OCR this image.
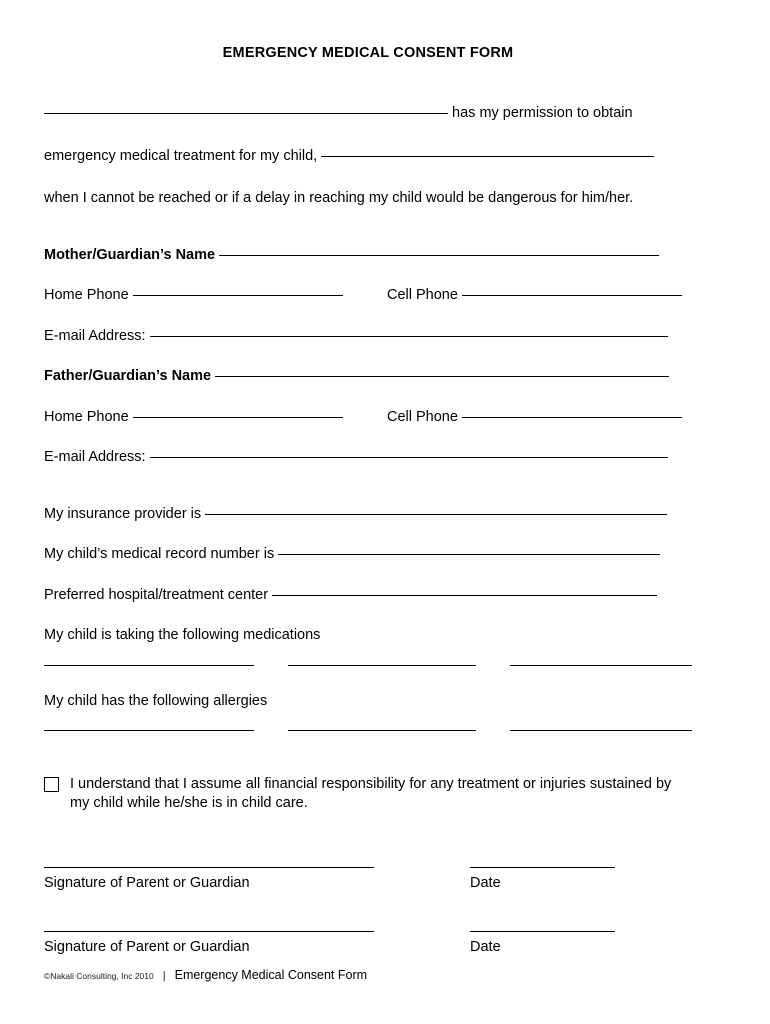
EMERGENCY MEDICAL CONSENT FORM
has my permission to obtain
emergency medical treatment for my child,
when I cannot be reached or if a delay in reaching my child would be dangerous for him/her.
Mother/Guardian’s Name
Home Phone	Cell Phone
E-mail Address:
Father/Guardian’s Name
Home Phone	Cell Phone
E-mail Address:
My insurance provider is
My child’s medical record number is
Preferred hospital/treatment center
My child is taking the following medications
My child has the following allergies
I understand that I assume all financial responsibility for any treatment or injuries sustained by my child while he/she is in child care.
Signature of Parent or Guardian	Date
Signature of Parent or Guardian	Date
©Nakali Consulting, Inc 2010 | Emergency Medical Consent Form
